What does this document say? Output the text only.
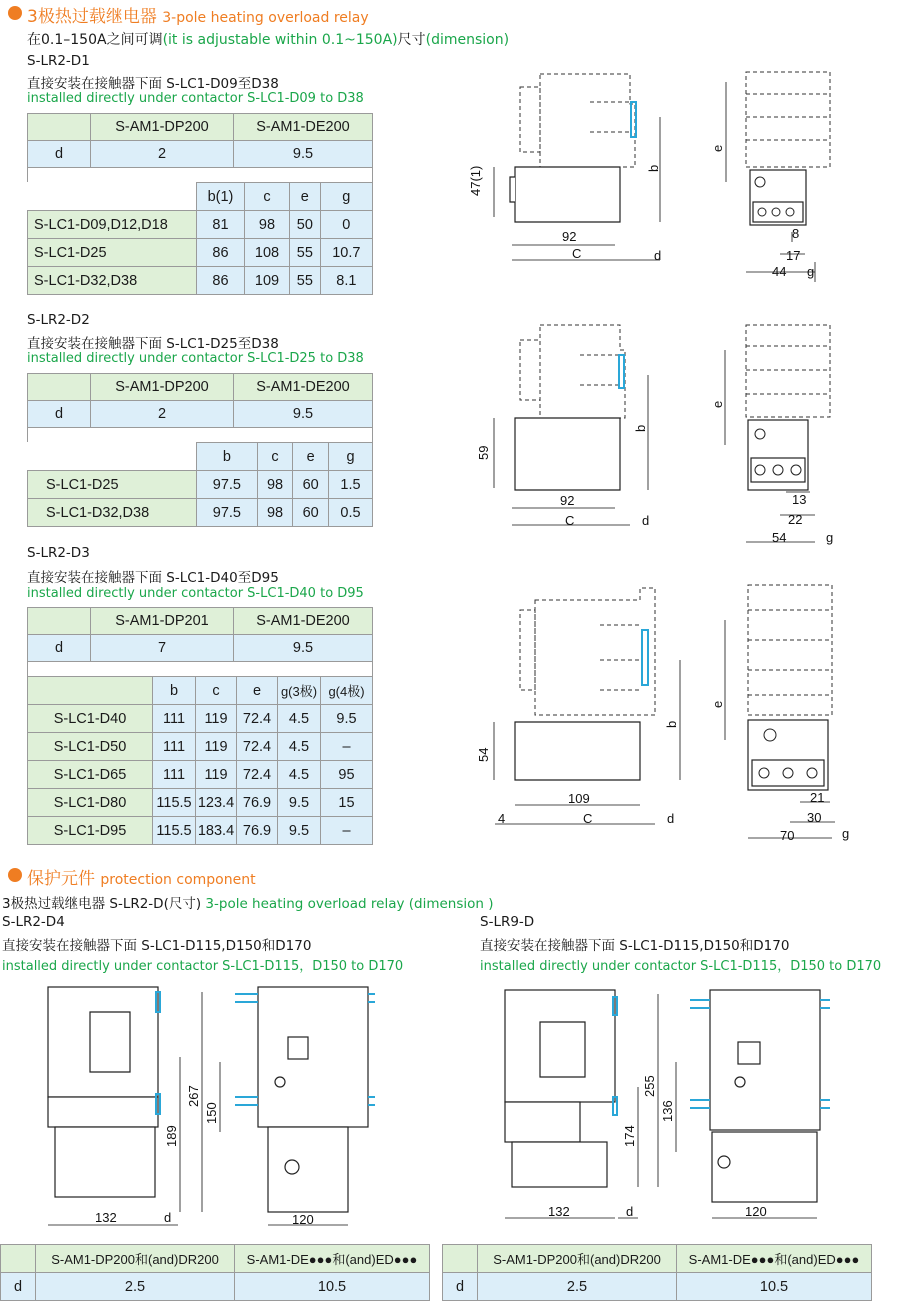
3极热过载继电器 3-pole heating overload relay
在0.1–150A之间可调(it is adjustable within 0.1~150A)尺寸(dimension)
S-LR2-D1
直接安装在接触器下面 S-LC1-D09至D38
installed directly under contactor S-LC1-D09 to D38
	S-AM1-DP200	S-AM1-DE200
d	2	9.5

	b(1)	c	e	g
S-LC1-D09,D12,D18	81	98	50	0
S-LC1-D25	86	108	55	10.7
S-LC1-D32,D38	86	109	55	8.1
47(1)
92
C	d
b
e
8
17
44 g
S-LR2-D2
直接安装在接触器下面 S-LC1-D25至D38
installed directly under contactor S-LC1-D25 to D38
	S-AM1-DP200	S-AM1-DE200
d	2	9.5

	b	c	e	g
S-LC1-D25	97.5	98	60	1.5
S-LC1-D32,D38	97.5	98	60	0.5
59
92
C	d
b
e
13
22
54	g
S-LR2-D3
直接安装在接触器下面 S-LC1-D40至D95
installed directly under contactor S-LC1-D40 to D95
	S-AM1-DP201	S-AM1-DE200
d	7	9.5

	b	c	e	g(3极)	g(4极)
S-LC1-D40	111	119	72.4	4.5	9.5
S-LC1-D50	111	119	72.4	4.5	–
S-LC1-D65	111	119	72.4	4.5	95
S-LC1-D80	115.5	123.4	76.9	9.5	15
S-LC1-D95	115.5	183.4	76.9	9.5	–
54
109
C	d
4
b
e
21
30
70	g
保护元件 protection component
3极热过载继电器 S-LR2-D(尺寸) 3-pole heating overload relay (dimension )
S-LR2-D4
直接安装在接触器下面 S-LC1-D115,D150和D170
installed directly under contactor S-LC1-D115，D150 to D170
132	d
189
267
150
120
	S-AM1-DP200和(and)DR200	S-AM1-DE●●●和(and)ED●●●
d	2.5	10.5
S-LR9-D
直接安装在接触器下面 S-LC1-D115,D150和D170
installed directly under contactor S-LC1-D115，D150 to D170
132	d
174
255
136
120
	S-AM1-DP200和(and)DR200	S-AM1-DE●●●和(and)ED●●●
d	2.5	10.5
